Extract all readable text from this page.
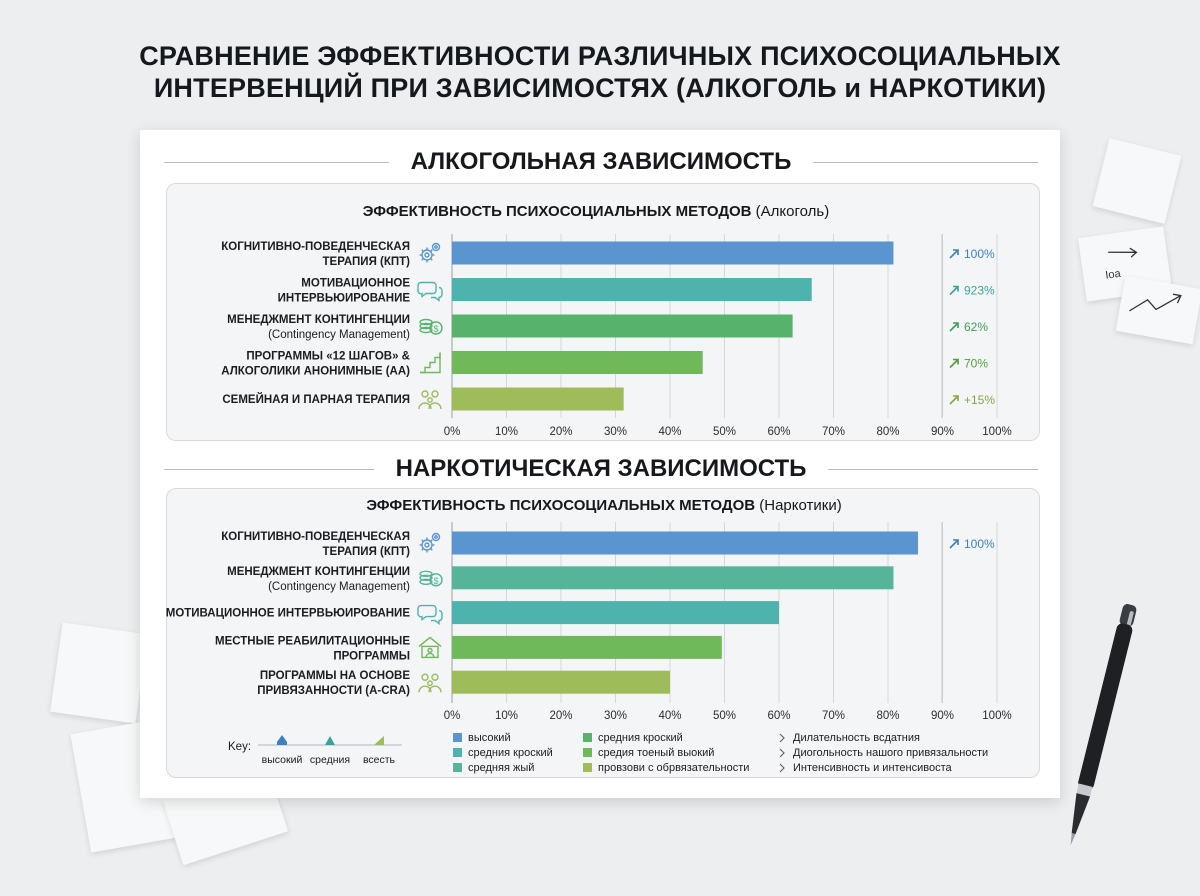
СРАВНЕНИЕ ЭФФЕКТИВНОСТИ РАЗЛИЧНЫХ ПСИХОСОЦИАЛЬНЫХ
ИНТЕРВЕНЦИЙ ПРИ ЗАВИСИМОСТЯХ (АЛКОГОЛЬ и НАРКОТИКИ)
Ioa
АЛКОГОЛЬНАЯ ЗАВИСИМОСТЬ
НАРКОТИЧЕСКАЯ ЗАВИСИМОСТЬ
ЭФФЕКТИВНОСТЬ ПСИХОСОЦИАЛЬНЫХ МЕТОДОВ (Алкоголь)
ЭФФЕКТИВНОСТЬ ПСИХОСОЦИАЛЬНЫХ МЕТОДОВ (Наркотики)
0%	10%	20%	30%	40%	50%	60%	70%	80%	90% 100%
КОГНИТИВНО-ПОВЕДЕНЧЕСКАЯ
ТЕРАПИЯ (КПТ)
100%
МОТИВАЦИОННОЕ
ИНТЕРВЬЮИРОВАНИЕ
923%
МЕНЕДЖМЕНТ КОНТИНГЕНЦИИ
(Contingency Management)	$	62%
ПРОГРАММЫ «12 ШАГОВ» &
АЛКОГОЛИКИ АНОНИМНЫЕ (АА)
70%
СЕМЕЙНАЯ И ПАРНАЯ ТЕРАПИЯ	+15%
0%	10%	20%	30%	40%	50%	60%	70%	80%	90% 100%
КОГНИТИВНО-ПОВЕДЕНЧЕСКАЯ
ТЕРАПИЯ (КПТ)
100%
МЕНЕДЖМЕНТ КОНТИНГЕНЦИИ
(Contingency Management)	$
МОТИВАЦИОННОЕ ИНТЕРВЬЮИРОВАНИЕ
МЕСТНЫЕ РЕАБИЛИТАЦИОННЫЕ
ПРОГРАММЫ
ПРОГРАММЫ НА ОСНОВЕ
ПРИВЯЗАННОСТИ (A-CRA)
Key:
высокий средния всесть
высокий	средния кроский	Дилательность всдатния
средния кроский	средия тоеный выокий	Диогольность нашого привязальности
средняя жый	провзови с обрвязательности	Интенсивность и интенсивоста
